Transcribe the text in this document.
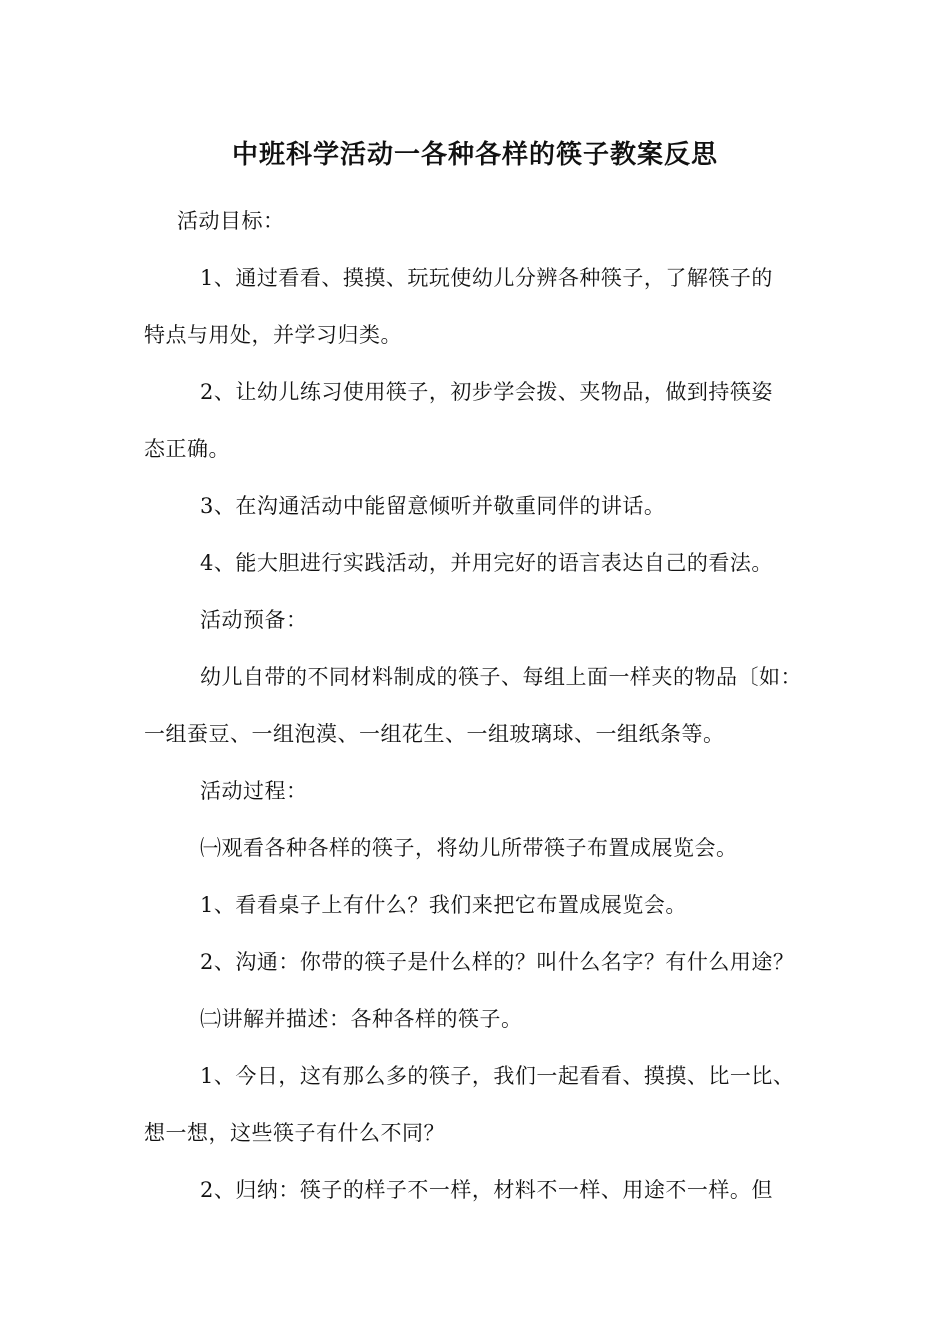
中班科学活动一各种各样的筷子教案反思
活动目标：
1、通过看看、摸摸、玩玩使幼儿分辨各种筷子，了解筷子的
特点与用处，并学习归类。
2、让幼儿练习使用筷子，初步学会拨、夹物品，做到持筷姿
态正确。
3、在沟通活动中能留意倾听并敬重同伴的讲话。
4、能大胆进行实践活动，并用完好的语言表达自己的看法。
活动预备：
幼儿自带的不同材料制成的筷子、每组上面一样夹的物品〔如：
一组蚕豆、一组泡漠、一组花生、一组玻璃球、一组纸条等。
活动过程：
㈠观看各种各样的筷子，将幼儿所带筷子布置成展览会。
1、看看桌子上有什么？我们来把它布置成展览会。
2、沟通：你带的筷子是什么样的？叫什么名字？有什么用途？
㈡讲解并描述：各种各样的筷子。
1、今日，这有那么多的筷子，我们一起看看、摸摸、比一比、
想一想，这些筷子有什么不同？
2、归纳：筷子的样子不一样，材料不一样、用途不一样。但
